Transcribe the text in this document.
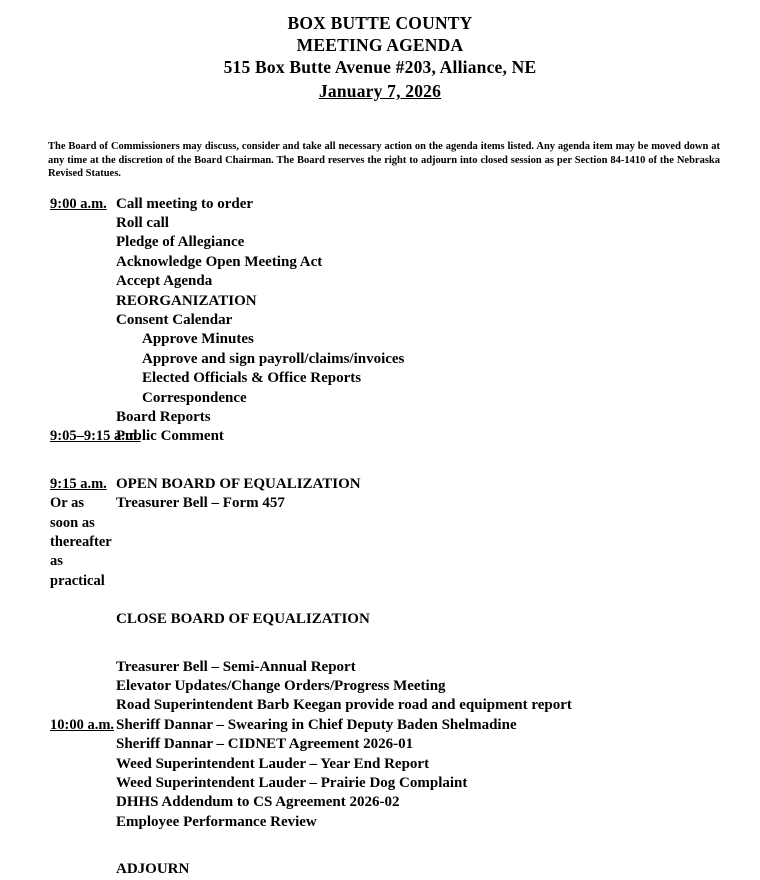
BOX BUTTE COUNTY
MEETING AGENDA
515 Box Butte Avenue #203, Alliance, NE
January 7, 2026
The Board of Commissioners may discuss, consider and take all necessary action on the agenda items listed. Any agenda item may be moved down at any time at the discretion of the Board Chairman. The Board reserves the right to adjourn into closed session as per Section 84-1410 of the Nebraska Revised Statues.
9:00 a.m. Call meeting to order
Roll call
Pledge of Allegiance
Acknowledge Open Meeting Act
Accept Agenda
REORGANIZATION
Consent Calendar
Approve Minutes
Approve and sign payroll/claims/invoices
Elected Officials & Office Reports
Correspondence
Board Reports
9:05–9:15 a.m.
Public Comment
9:15 a.m. OPEN BOARD OF EQUALIZATION
Or as soon as
thereafter as
practical
Treasurer Bell – Form 457
CLOSE BOARD OF EQUALIZATION
Treasurer Bell – Semi-Annual Report
Elevator Updates/Change Orders/Progress Meeting
Road Superintendent Barb Keegan provide road and equipment report
10:00 a.m. Sheriff Dannar – Swearing in Chief Deputy Baden Shelmadine
Sheriff Dannar – CIDNET Agreement 2026-01
Weed Superintendent Lauder – Year End Report
Weed Superintendent Lauder – Prairie Dog Complaint
DHHS Addendum to CS Agreement 2026-02
Employee Performance Review
ADJOURN
